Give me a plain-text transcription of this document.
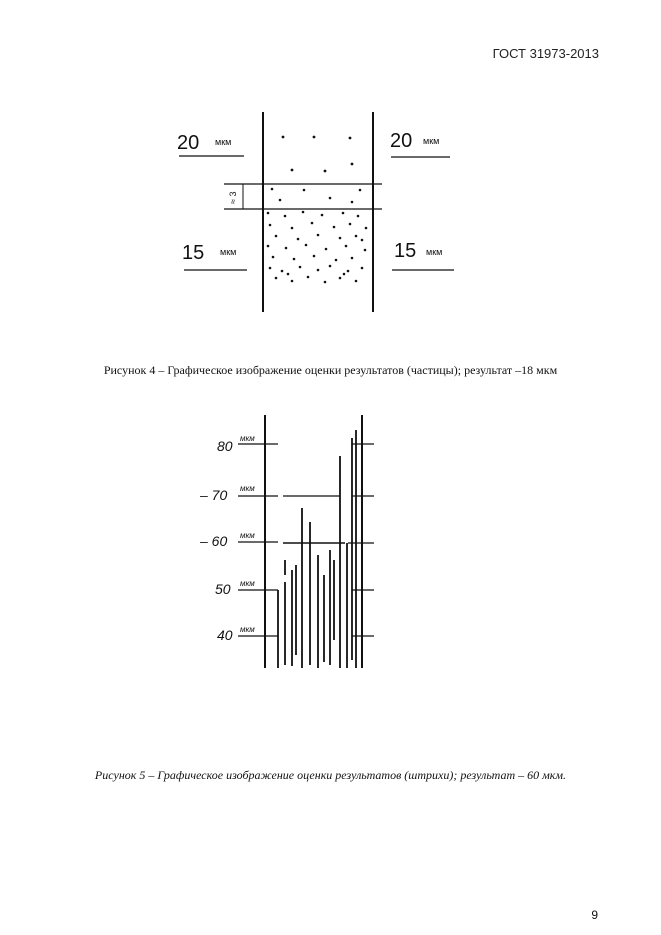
ГОСТ 31973-2013
≈ 3
20 мкм
15 мкм
20 мкм
15 мкм
Рисунок 4 – Графическое изображение оценки результатов (частицы); результат –18 мкм
80 мкм
– 70 мкм
– 60 мкм
50 мкм
40 мкм
Рисунок 5 – Графическое изображение оценки результатов (штрихи); результат – 60 мкм.
9
